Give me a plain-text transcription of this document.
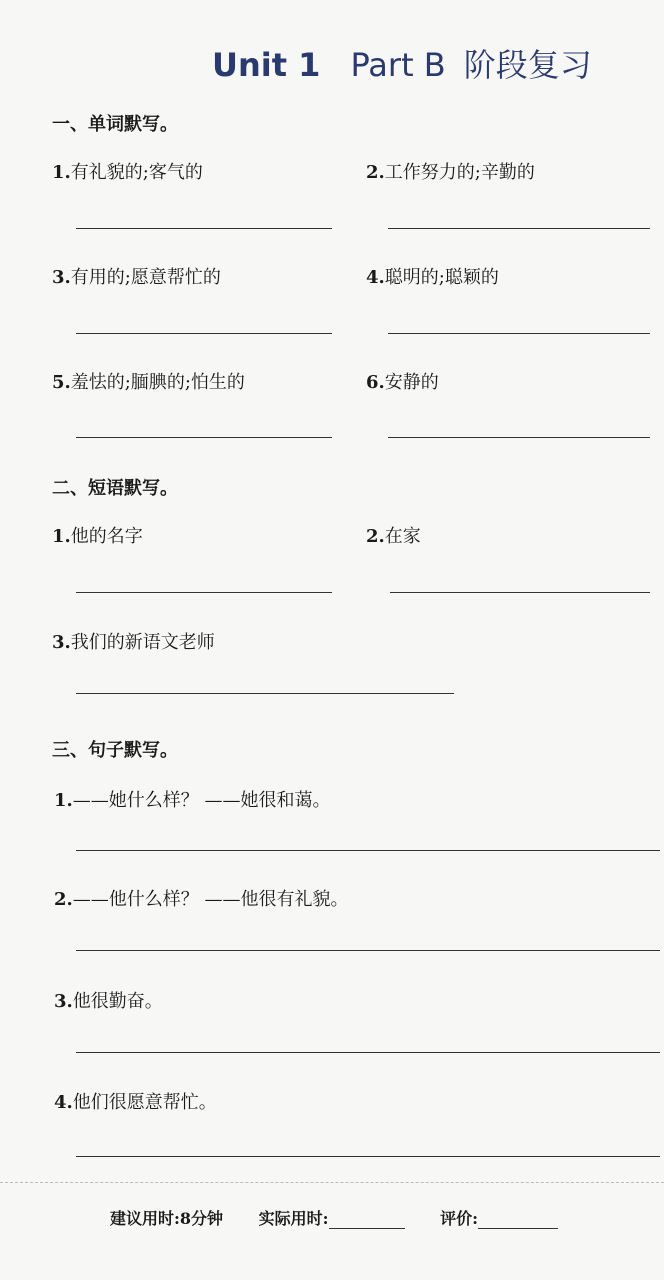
Unit 1 Part B 阶段复习
一、单词默写。
1.有礼貌的;客气的	2.工作努力的;辛勤的
3.有用的;愿意帮忙的	4.聪明的;聪颖的
5.羞怯的;腼腆的;怕生的	6.安静的
二、短语默写。
1.他的名字	2.在家
3.我们的新语文老师
三、句子默写。
1.——她什么样？ ——她很和蔼。
2.——他什么样？ ——他很有礼貌。
3.他很勤奋。
4.他们很愿意帮忙。
建议用时:8分钟 实际用时:	评价:
